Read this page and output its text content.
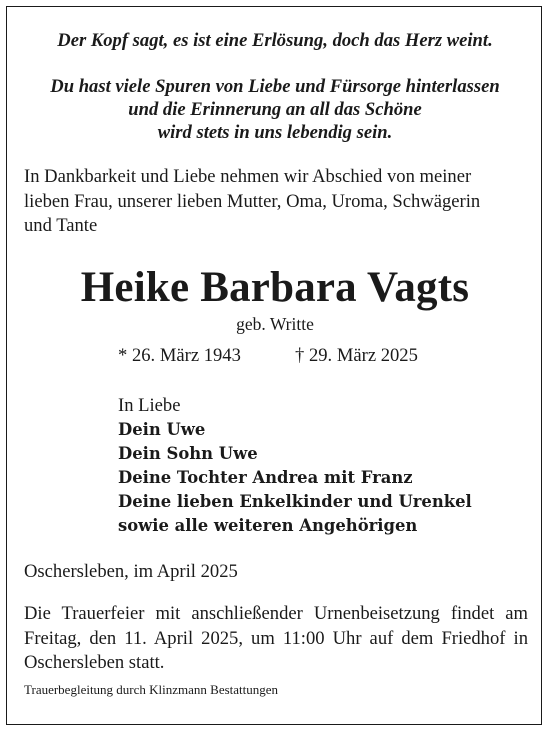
Der Kopf sagt, es ist eine Erlösung, doch das Herz weint.

Du hast viele Spuren von Liebe und Fürsorge hinterlassen
und die Erinnerung an all das Schöne
wird stets in uns lebendig sein.

In Dankbarkeit und Liebe nehmen wir Abschied von meiner
lieben Frau, unserer lieben Mutter, Oma, Uroma, Schwägerin
und Tante

Heike Barbara Vagts
geb. Writte
* 26. März 1943	† 29. März 2025
In Liebe
Dein Uwe
Dein Sohn Uwe
Deine Tochter Andrea mit Franz
Deine lieben Enkelkinder und Urenkel
sowie alle weiteren Angehörigen

Oschersleben, im April 2025

Die Trauerfeier mit anschließender Urnenbeisetzung findet am Freitag, den 11. April 2025, um 11:00 Uhr auf dem Friedhof in Oschersleben statt.

Trauerbegleitung durch Klinzmann Bestattungen
